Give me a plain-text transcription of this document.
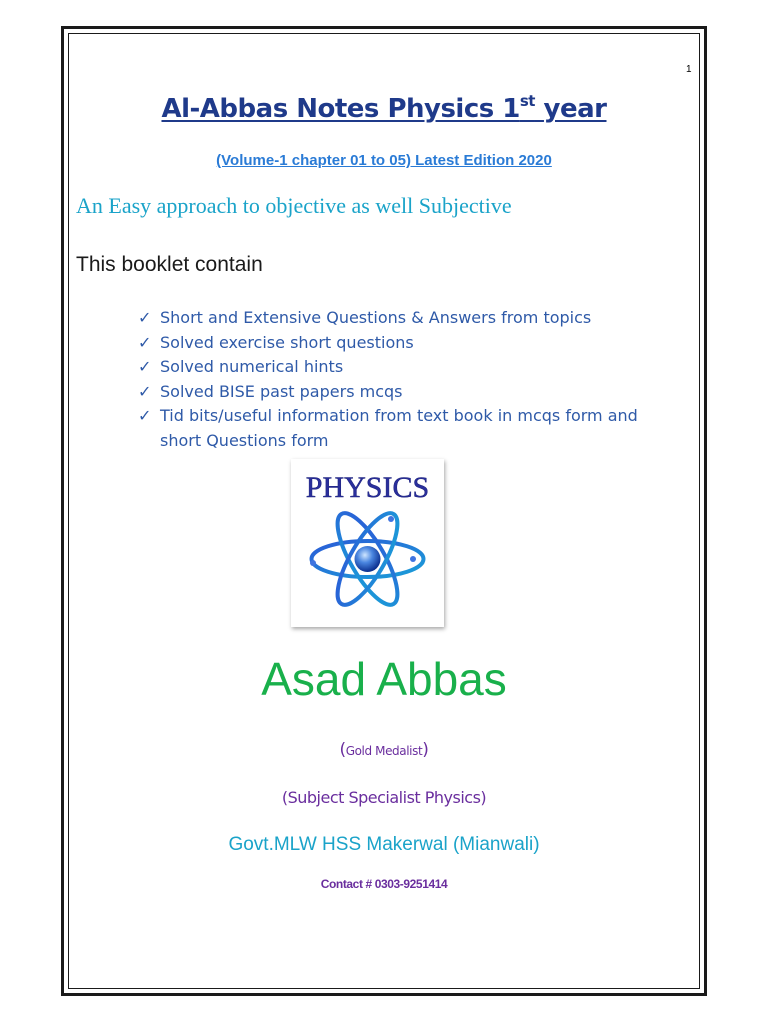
1
Al-Abbas Notes Physics 1st year
(Volume-1 chapter 01 to 05) Latest Edition 2020
An Easy approach to objective as well Subjective
This booklet contain
✓ Short and Extensive Questions & Answers from topics
✓ Solved exercise short questions
✓ Solved numerical hints
✓ Solved BISE past papers mcqs
✓ Tid bits/useful information from text book in mcqs form and
short Questions form
PHYSICS
Asad Abbas
(Gold Medalist)
(Subject Specialist Physics)
Govt.MLW HSS Makerwal (Mianwali)
Contact # 0303-9251414
